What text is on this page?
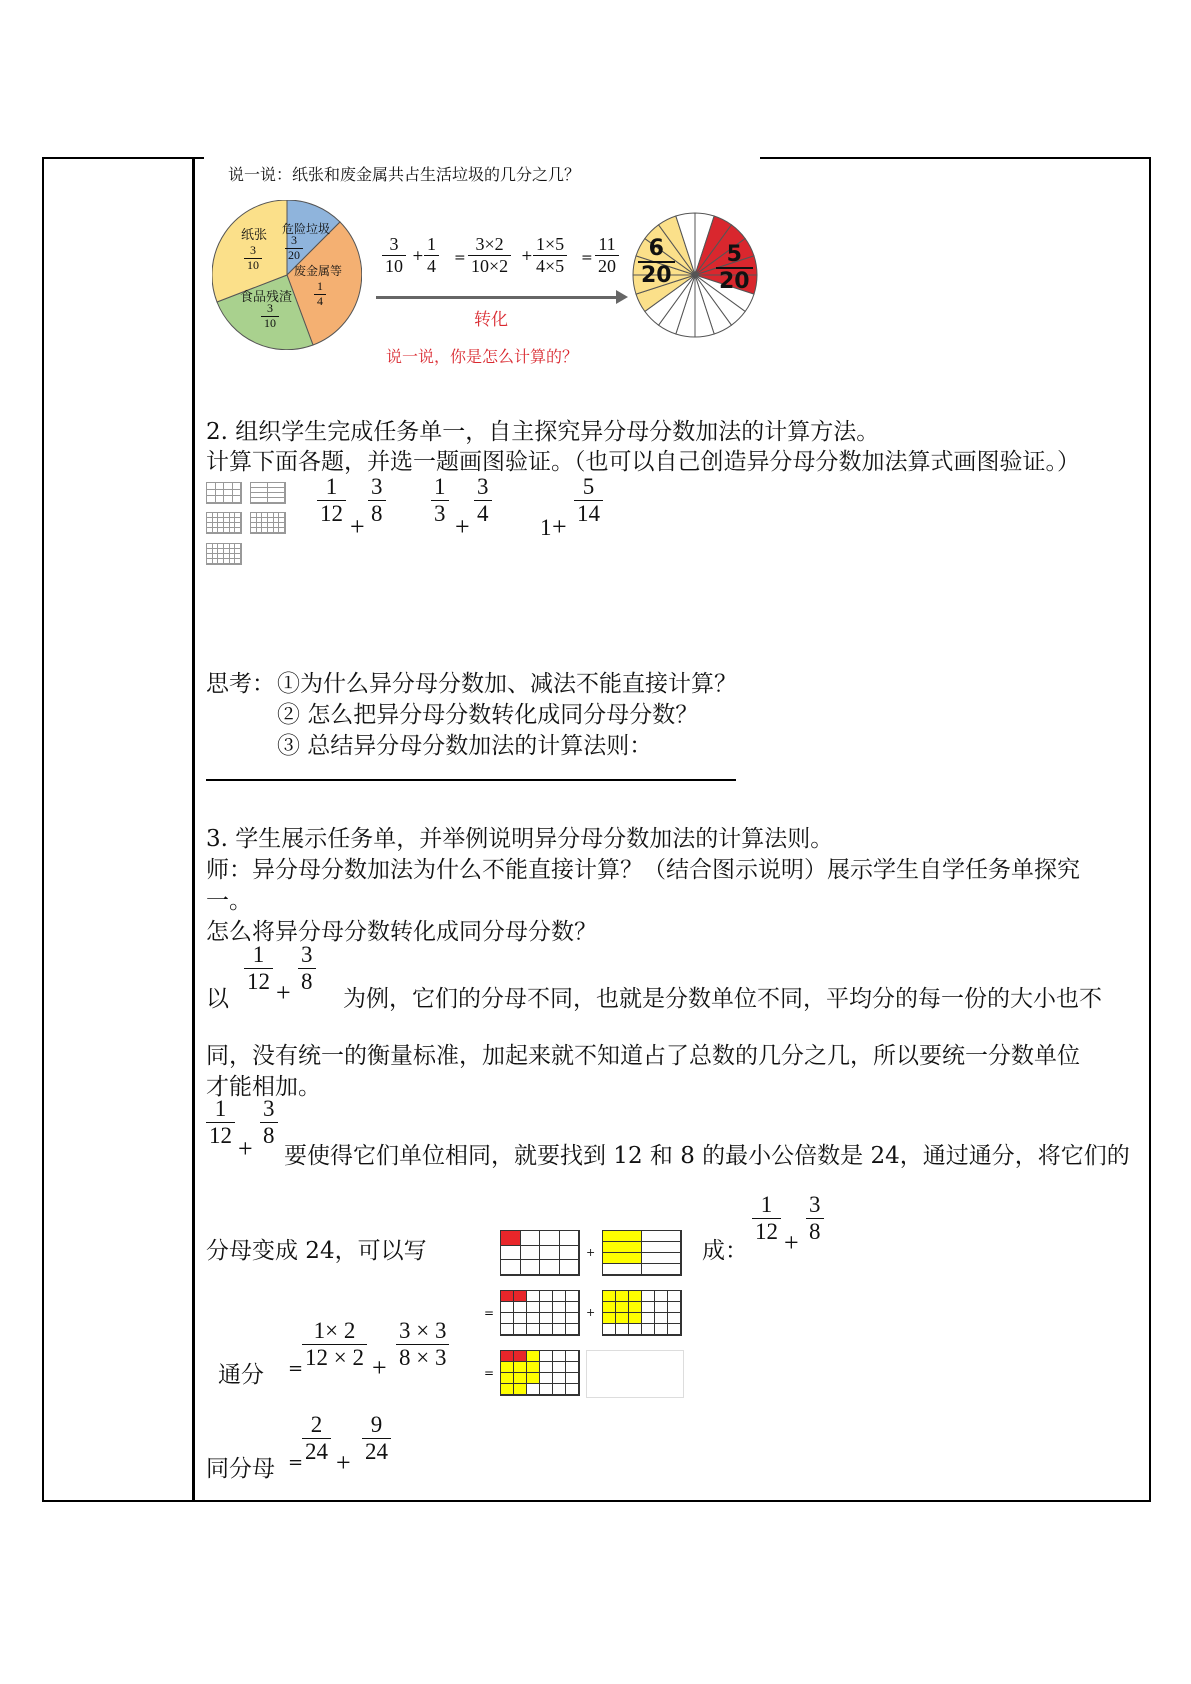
说一说：纸张和废金属共占生活垃圾的几分之几？
纸张
3
10
危险垃圾
3
20
废金属等
1
4
食品残渣
3
10
3
10 +
1
4 =
3×2
10×2 +
1×5
4×5 =
11
20
转化
说一说，你是怎么计算的？
6
20
5
20
2. 组织学生完成任务单一，自主探究异分母分数加法的计算方法。
计算下面各题，并选一题画图验证。（也可以自己创造异分母分数加法算式画图验证。）
1
12 +
3
8
1
3 +
3
4
1 +
5
14
思考： ①为什么异分母分数加、减法不能直接计算？
② 怎么把异分母分数转化成同分母分数？
③ 总结异分母分数加法的计算法则：
3. 学生展示任务单，并举例说明异分母分数加法的计算法则。
师：异分母分数加法为什么不能直接计算？（结合图示说明）展示学生自学任务单探究
一。
怎么将异分母分数转化成同分母分数？
以
1
12 +
3
8
为例，它们的分母不同，也就是分数单位不同，平均分的每一份的大小也不
同，没有统一的衡量标准，加起来就不知道占了总数的几分之几，所以要统一分数单位
才能相加。
1
12 +
3
8
要使得它们单位相同，就要找到 12 和 8 的最小公倍数是 24，通过通分，将它们的
分母变成 24，可以写	+
=	+
=
成：
1
12 +
3
8
通分 =
1× 2
12 × 2 +
3 × 3
8 × 3
同分母 =
2
24 +
9
24
